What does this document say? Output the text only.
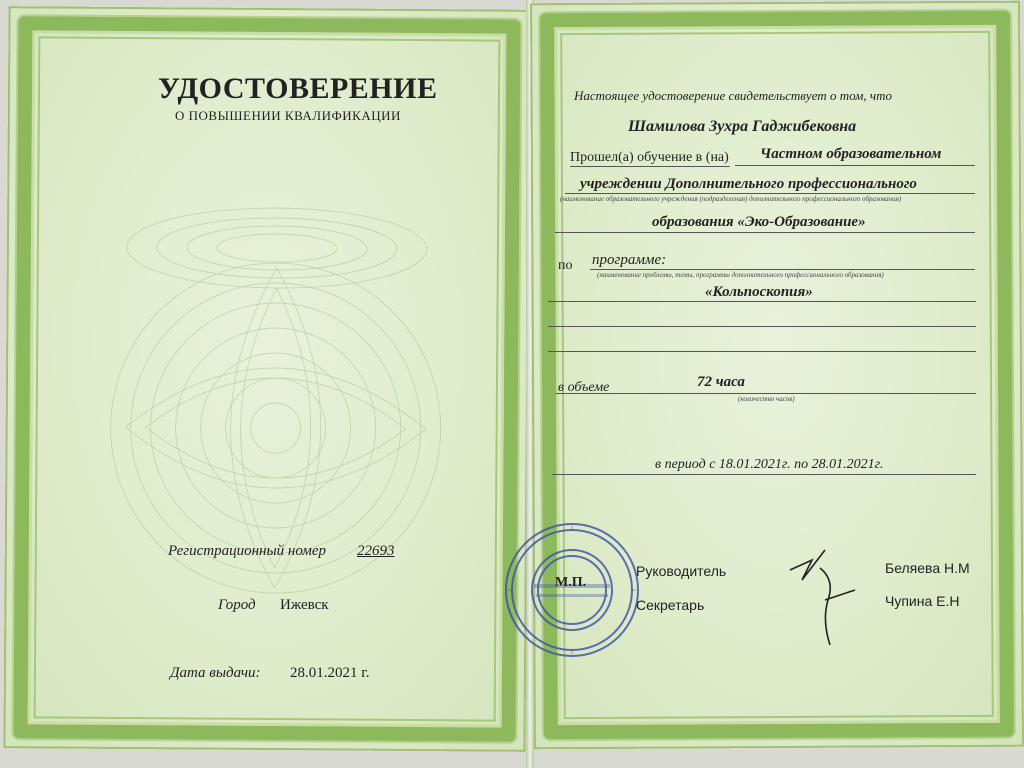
УДОСТОВЕРЕНИЕ
О ПОВЫШЕНИИ КВАЛИФИКАЦИИ
Регистрационный номер 22693
Город Ижевск
Дата выдачи: 28.01.2021 г.
Настоящее удостоверение свидетельствует о том, что
Шамилова Зухра Гаджибековна
Прошел(а) обучение в (на) Частном образовательном
учреждении Дополнительного профессионального
(наименование образовательного учреждения (подразделения) дополнительного профессионального образования)
образования «Эко-Образование»
по программе:
(наименование проблемы, темы, программы дополнительного профессионального образования)
«Кольпоскопия»
в объеме	72 часа
(количество часов)
в период с 18.01.2021г. по 28.01.2021г.
М.П.
Руководитель	Беляева Н.М
Секретарь	Чупина Е.Н
